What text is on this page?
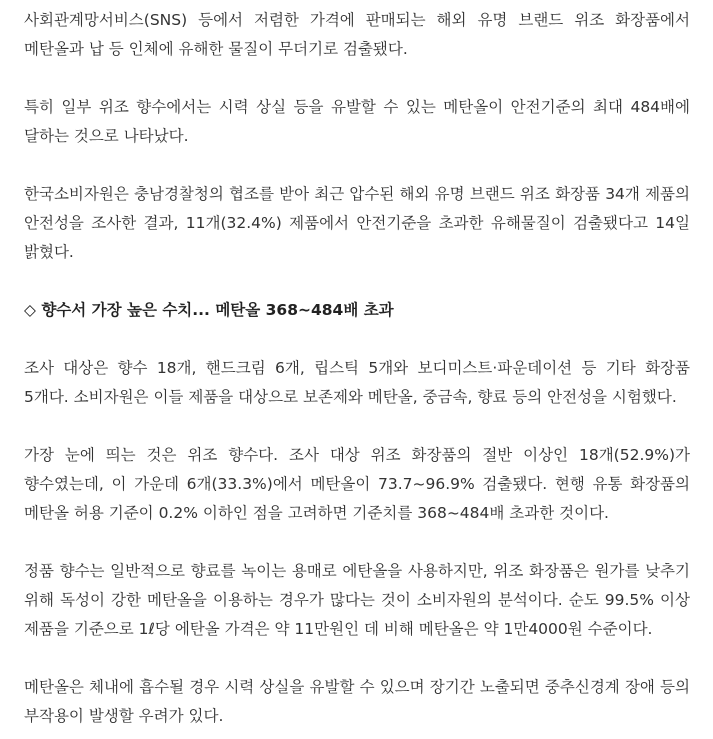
사회관계망서비스(SNS) 등에서 저렴한 가격에 판매되는 해외 유명 브랜드 위조 화장품에서 메탄올과 납 등 인체에 유해한 물질이 무더기로 검출됐다.

특히 일부 위조 향수에서는 시력 상실 등을 유발할 수 있는 메탄올이 안전기준의 최대 484배에 달하는 것으로 나타났다.

한국소비자원은 충남경찰청의 협조를 받아 최근 압수된 해외 유명 브랜드 위조 화장품 34개 제품의 안전성을 조사한 결과, 11개(32.4%) 제품에서 안전기준을 초과한 유해물질이 검출됐다고 14일 밝혔다.

◇ 향수서 가장 높은 수치... 메탄올 368~484배 초과

조사 대상은 향수 18개, 핸드크림 6개, 립스틱 5개와 보디미스트·파운데이션 등 기타 화장품 5개다. 소비자원은 이들 제품을 대상으로 보존제와 메탄올, 중금속, 향료 등의 안전성을 시험했다.

가장 눈에 띄는 것은 위조 향수다. 조사 대상 위조 화장품의 절반 이상인 18개(52.9%)가 향수였는데, 이 가운데 6개(33.3%)에서 메탄올이 73.7~96.9% 검출됐다. 현행 유통 화장품의 메탄올 허용 기준이 0.2% 이하인 점을 고려하면 기준치를 368~484배 초과한 것이다.

정품 향수는 일반적으로 향료를 녹이는 용매로 에탄올을 사용하지만, 위조 화장품은 원가를 낮추기 위해 독성이 강한 메탄올을 이용하는 경우가 많다는 것이 소비자원의 분석이다. 순도 99.5% 이상 제품을 기준으로 1ℓ당 에탄올 가격은 약 11만원인 데 비해 메탄올은 약 1만4000원 수준이다.

메탄올은 체내에 흡수될 경우 시력 상실을 유발할 수 있으며 장기간 노출되면 중추신경계 장애 등의 부작용이 발생할 우려가 있다.
